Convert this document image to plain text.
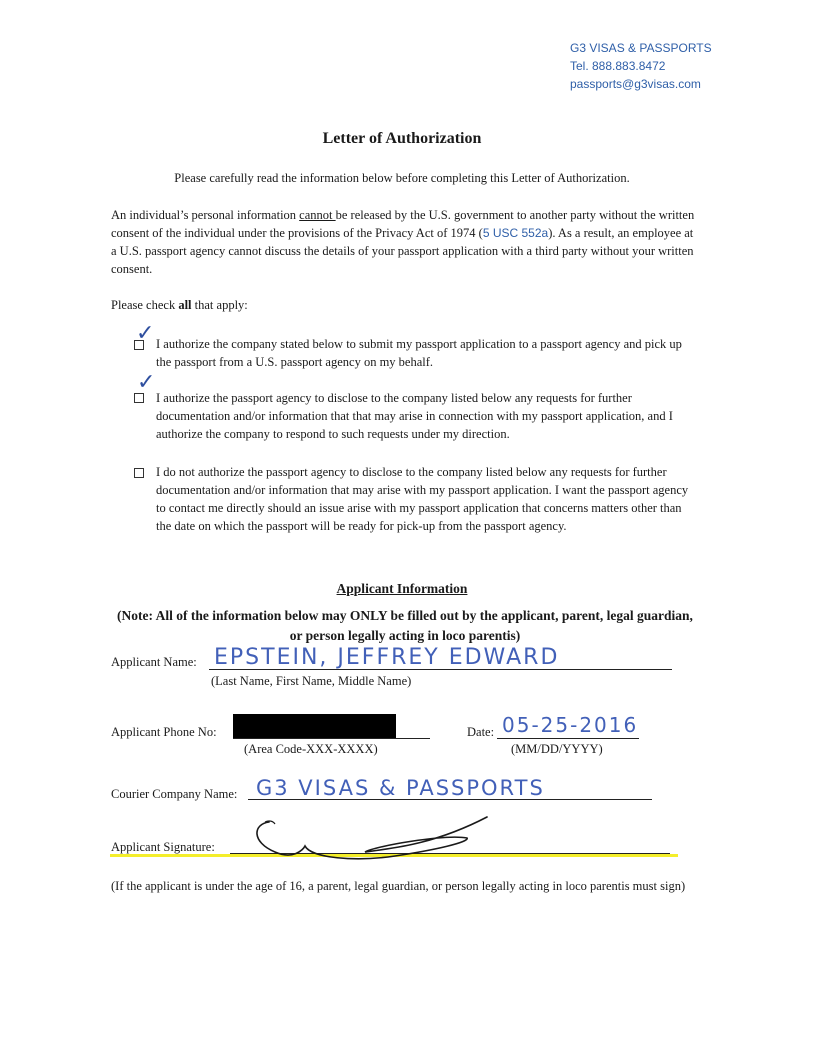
G3 VISAS & PASSPORTS
Tel. 888.883.8472
passports@g3visas.com
Letter of Authorization
Please carefully read the information below before completing this Letter of Authorization.
An individual’s personal information cannot be released by the U.S. government to another party without the written consent of the individual under the provisions of the Privacy Act of 1974 (5 USC 552a). As a result, an employee at a U.S. passport agency cannot discuss the details of your passport application with a third party without your written consent.
Please check all that apply:
✓ I authorize the company stated below to submit my passport application to a passport agency and pick up the passport from a U.S. passport agency on my behalf.
✓
I authorize the passport agency to disclose to the company listed below any requests for further documentation and/or information that that may arise in connection with my passport application, and I authorize the company to respond to such requests under my direction.
I do not authorize the passport agency to disclose to the company listed below any requests for further documentation and/or information that may arise with my passport application. I want the passport agency to contact me directly should an issue arise with my passport application that concerns matters other than the date on which the passport will be ready for pick-up from the passport agency.
Applicant Information
(Note: All of the information below may ONLY be filled out by the applicant, parent, legal guardian, or person legally acting in loco parentis)
Applicant Name: EPSTEIN, JEFFREY EDWARD
(Last Name, First Name, Middle Name)
Applicant Phone No:
(Area Code-XXX-XXXX)
Date: 05-25-2016
(MM/DD/YYYY)
Courier Company Name: G3 VISAS & PASSPORTS
Applicant Signature:
(If the applicant is under the age of 16, a parent, legal guardian, or person legally acting in loco parentis must sign)
